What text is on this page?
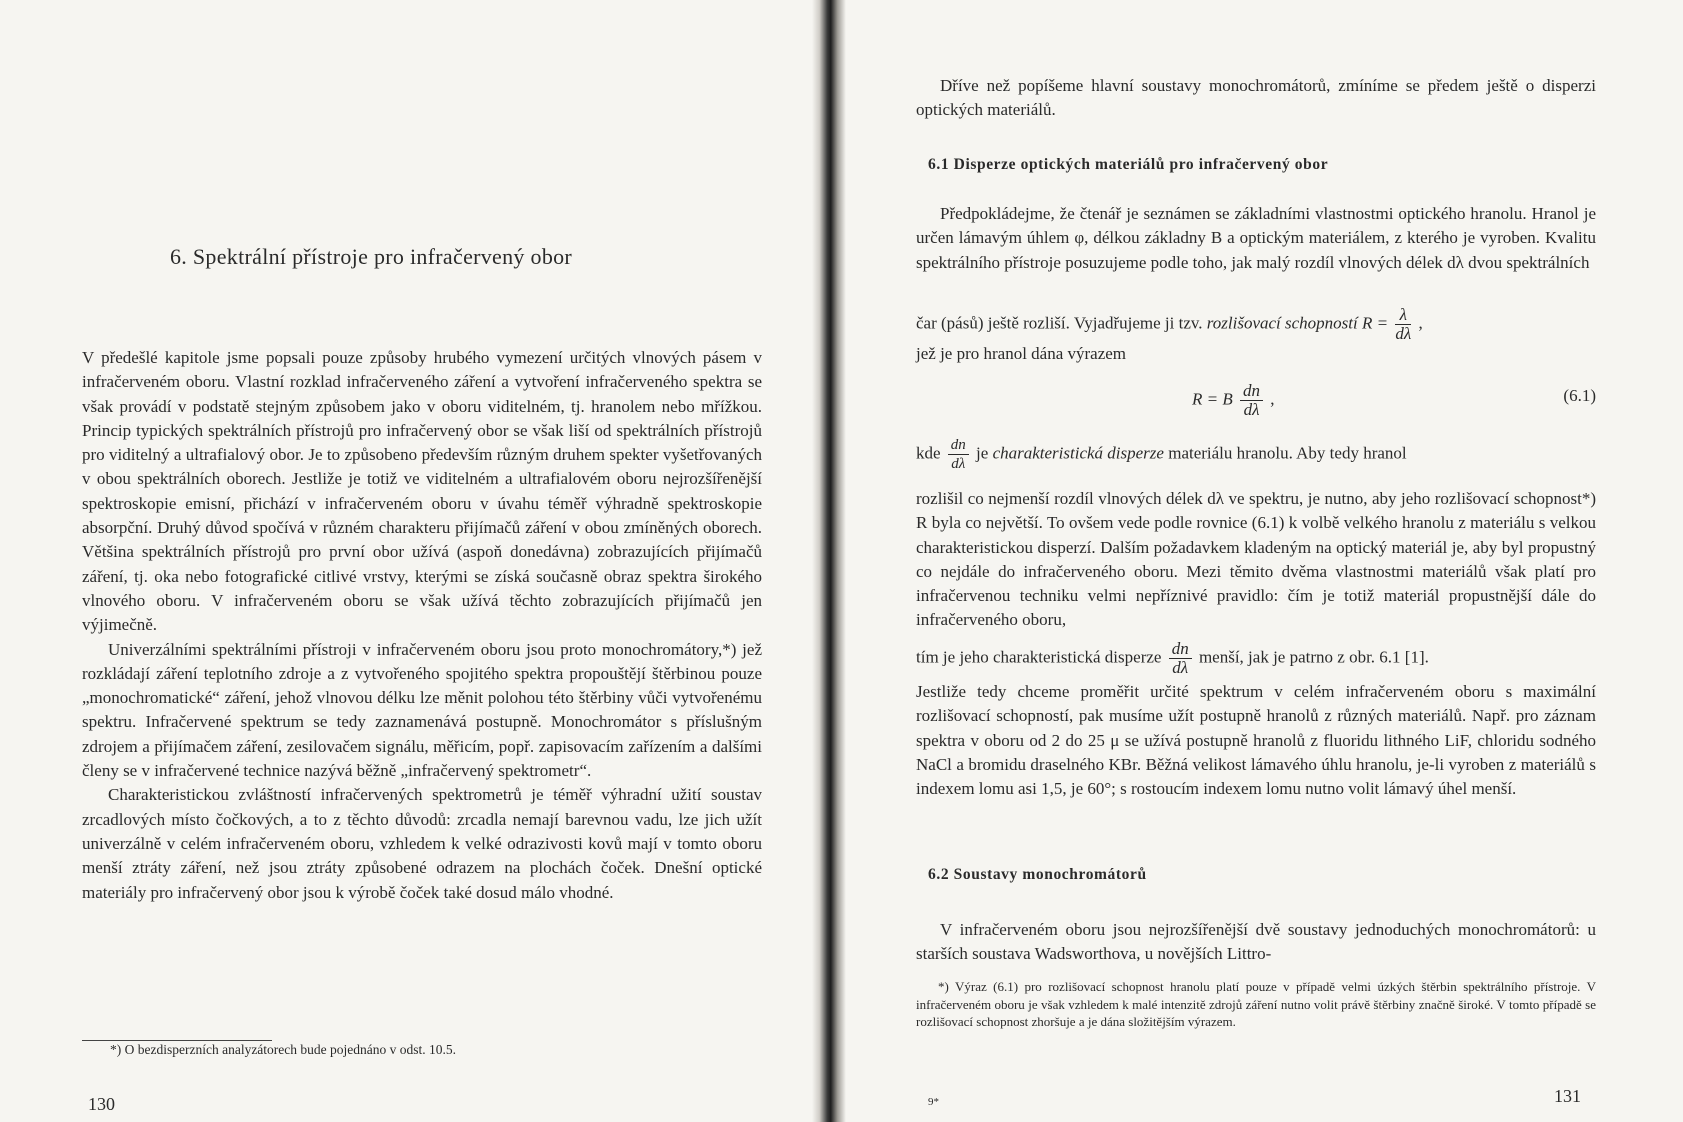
6. Spektrální přístroje pro infračervený obor

V předešlé kapitole jsme popsali pouze způsoby hrubého vymezení určitých vlnových pásem v infračerveném oboru. Vlastní rozklad infračerveného záření a vytvoření infračerveného spektra se však provádí v podstatě stejným způsobem jako v oboru viditelném, tj. hranolem nebo mřížkou. Princip typických spektrálních přístrojů pro infračervený obor se však liší od spektrálních přístrojů pro viditelný a ultrafialový obor. Je to způsobeno především různým druhem spekter vyšetřovaných v obou spektrálních oborech. Jestliže je totiž ve viditelném a ultrafialovém oboru nejrozšířenější spektroskopie emisní, přichází v infračerveném oboru v úvahu téměř výhradně spektroskopie absorpční. Druhý důvod spočívá v různém charakteru přijímačů záření v obou zmíněných oborech. Většina spektrálních přístrojů pro první obor užívá (aspoň donedávna) zobrazujících přijímačů záření, tj. oka nebo fotografické citlivé vrstvy, kterými se získá současně obraz spektra širokého vlnového oboru. V infračerveném oboru se však užívá těchto zobrazujících přijímačů jen výjimečně.

Univerzálními spektrálními přístroji v infračerveném oboru jsou proto monochromátory,*) jež rozkládají záření teplotního zdroje a z vytvořeného spojitého spektra propouštějí štěrbinou pouze „monochromatické“ záření, jehož vlnovou délku lze měnit polohou této štěrbiny vůči vytvořenému spektru. Infračervené spektrum se tedy zaznamenává postupně. Monochromátor s příslušným zdrojem a přijímačem záření, zesilovačem signálu, měřicím, popř. zapisovacím zařízením a dalšími členy se v infračervené technice nazývá běžně „infračervený spektrometr“.

Charakteristickou zvláštností infračervených spektrometrů je téměř výhradní užití soustav zrcadlových místo čočkových, a to z těchto důvodů: zrcadla nemají barevnou vadu, lze jich užít univerzálně v celém infračerveném oboru, vzhledem k velké odrazivosti kovů mají v tomto oboru menší ztráty záření, než jsou ztráty způsobené odrazem na plochách čoček. Dnešní optické materiály pro infračervený obor jsou k výrobě čoček také dosud málo vhodné.

*) O bezdisperzních analyzátorech bude pojednáno v odst. 10.5.

130

Dříve než popíšeme hlavní soustavy monochromátorů, zmíníme se předem ještě o disperzi optických materiálů.

6.1 Disperze optických materiálů pro infračervený obor

Předpokládejme, že čtenář je seznámen se základními vlastnostmi optického hranolu. Hranol je určen lámavým úhlem φ, délkou základny B a optickým materiálem, z kterého je vyroben. Kvalitu spektrálního přístroje posuzujeme podle toho, jak malý rozdíl vlnových délek dλ dvou spektrálních

čar (pásů) ještě rozliší. Vyjadřujeme ji tzv. rozlišovací schopností $R = \frac{\lambda}{d\lambda}$ ,
jež je pro hranol dána výrazem
R = B $\frac{dn}{d\lambda}$ ,	(6.1)
kde $\frac{dn}{d\lambda}$ je charakteristická disperze materiálu hranolu. Aby tedy hranol

rozlišil co nejmenší rozdíl vlnových délek dλ ve spektru, je nutno, aby jeho rozlišovací schopnost*) R byla co největší. To ovšem vede podle rovnice (6.1) k volbě velkého hranolu z materiálu s velkou charakteristickou disperzí. Dalším požadavkem kladeným na optický materiál je, aby byl propustný co nejdále do infračerveného oboru. Mezi těmito dvěma vlastnostmi materiálů však platí pro infračervenou techniku velmi nepříznivé pravidlo: čím je totiž materiál propustnější dále do infračerveného oboru,

tím je jeho charakteristická disperze $\frac{dn}{d\lambda}$ menší, jak je patrno z obr. 6.1 [1].

Jestliže tedy chceme proměřit určité spektrum v celém infračerveném oboru s maximální rozlišovací schopností, pak musíme užít postupně hranolů z různých materiálů. Např. pro záznam spektra v oboru od 2 do 25 μ se užívá postupně hranolů z fluoridu lithného LiF, chloridu sodného NaCl a bromidu draselného KBr. Běžná velikost lámavého úhlu hranolu, je-li vyroben z materiálů s indexem lomu asi 1,5, je 60°; s rostoucím indexem lomu nutno volit lámavý úhel menší.

6.2 Soustavy monochromátorů

V infračerveném oboru jsou nejrozšířenější dvě soustavy jednoduchých monochromátorů: u starších soustava Wadsworthova, u novějších Littro-

*) Výraz (6.1) pro rozlišovací schopnost hranolu platí pouze v případě velmi úzkých štěrbin spektrálního přístroje. V infračerveném oboru je však vzhledem k malé intenzitě zdrojů záření nutno volit právě štěrbiny značně široké. V tomto případě se rozlišovací schopnost zhoršuje a je dána složitějším výrazem.

9*	131
